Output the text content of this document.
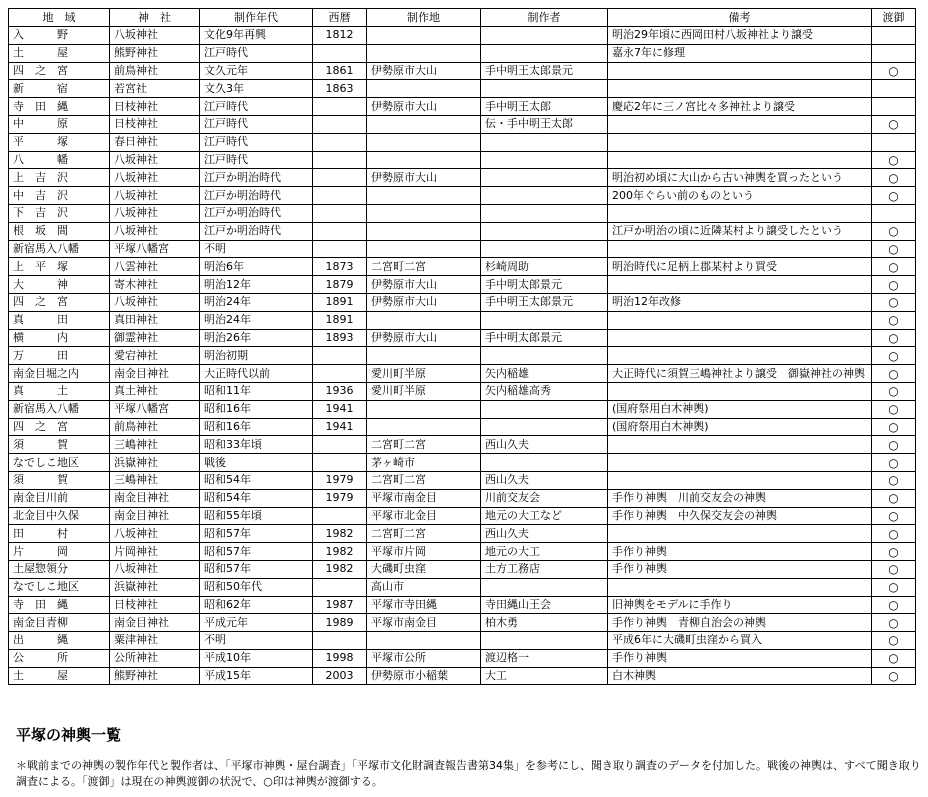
地　域	神　社	制作年代	西暦	制作地	制作者	備考	渡御
入　　　野	八坂神社	文化9年再興	1812			明治29年頃に西岡田村八坂神社より譲受	
土　　　屋	熊野神社	江戸時代				嘉永7年に修理	
四　之　宮	前鳥神社	文久元年	1861	伊勢原市大山	手中明王太郎景元		○
新　　　宿	若宮社	文久3年	1863				
寺　田　縄	日枝神社	江戸時代		伊勢原市大山	手中明王太郎	慶応2年に三ノ宮比々多神社より譲受	
中　　　原	日枝神社	江戸時代			伝・手中明王太郎		○
平　　　塚	春日神社	江戸時代					
八　　　幡	八坂神社	江戸時代					○
上　吉　沢	八坂神社	江戸か明治時代		伊勢原市大山		明治初め頃に大山から古い神輿を買ったという	○
中　吉　沢	八坂神社	江戸か明治時代				200年ぐらい前のものという	○
下　吉　沢	八坂神社	江戸か明治時代					
根　坂　間	八坂神社	江戸か明治時代				江戸か明治の頃に近隣某村より譲受したという	○
新宿馬入八幡	平塚八幡宮	不明					○
上　平　塚	八雲神社	明治6年	1873	二宮町二宮	杉崎周助	明治時代に足柄上郡某村より買受	○
大　　　神	寄木神社	明治12年	1879	伊勢原市大山	手中明太郎景元		○
四　之　宮	八坂神社	明治24年	1891	伊勢原市大山	手中明王太郎景元	明治12年改修	○
真　　　田	真田神社	明治24年	1891				○
横　　　内	御霊神社	明治26年	1893	伊勢原市大山	手中明太郎景元		○
万　　　田	愛宕神社	明治初期					○
南金目堀之内	南金目神社	大正時代以前		愛川町半原	矢内稲雄	大正時代に須賀三嶋神社より譲受　御嶽神社の神輿	○
真　　　土	真土神社	昭和11年	1936	愛川町半原	矢内稲雄高秀		○
新宿馬入八幡	平塚八幡宮	昭和16年	1941			(国府祭用白木神輿)	○
四　之　宮	前鳥神社	昭和16年	1941			(国府祭用白木神輿)	○
須　　　賀	三嶋神社	昭和33年頃		二宮町二宮	西山久夫		○
なでしこ地区	浜嶽神社	戦後		茅ヶ崎市			○
須　　　賀	三嶋神社	昭和54年	1979	二宮町二宮	西山久夫		○
南金目川前	南金目神社	昭和54年	1979	平塚市南金目	川前交友会	手作り神輿　川前交友会の神輿	○
北金目中久保	南金目神社	昭和55年頃		平塚市北金目	地元の大工など	手作り神輿　中久保交友会の神輿	○
田　　　村	八坂神社	昭和57年	1982	二宮町二宮	西山久夫		○
片　　　岡	片岡神社	昭和57年	1982	平塚市片岡	地元の大工	手作り神輿	○
土屋惣領分	八坂神社	昭和57年	1982	大磯町虫窪	土方工務店	手作り神輿	○
なでしこ地区	浜嶽神社	昭和50年代		高山市			○
寺　田　縄	日枝神社	昭和62年	1987	平塚市寺田縄	寺田縄山王会	旧神輿をモデルに手作り	○
南金目青柳	南金目神社	平成元年	1989	平塚市南金目	柏木勇	手作り神輿　青柳自治会の神輿	○
出　　　縄	粟津神社	不明				平成6年に大磯町虫窪から買入	○
公　　　所	公所神社	平成10年	1998	平塚市公所	渡辺格一	手作り神輿	○
土　　　屋	熊野神社	平成15年	2003	伊勢原市小稲葉	大工	白木神輿	○

平塚の神輿一覧

＊戦前までの神輿の製作年代と製作者は、「平塚市神輿・屋台調査」「平塚市文化財調査報告書第34集」を参考にし、聞き取り調査のデータを付加した。戦後の神輿は、すべて聞き取り調査による。「渡御」は現在の神輿渡御の状況で、○印は神輿が渡御する。
